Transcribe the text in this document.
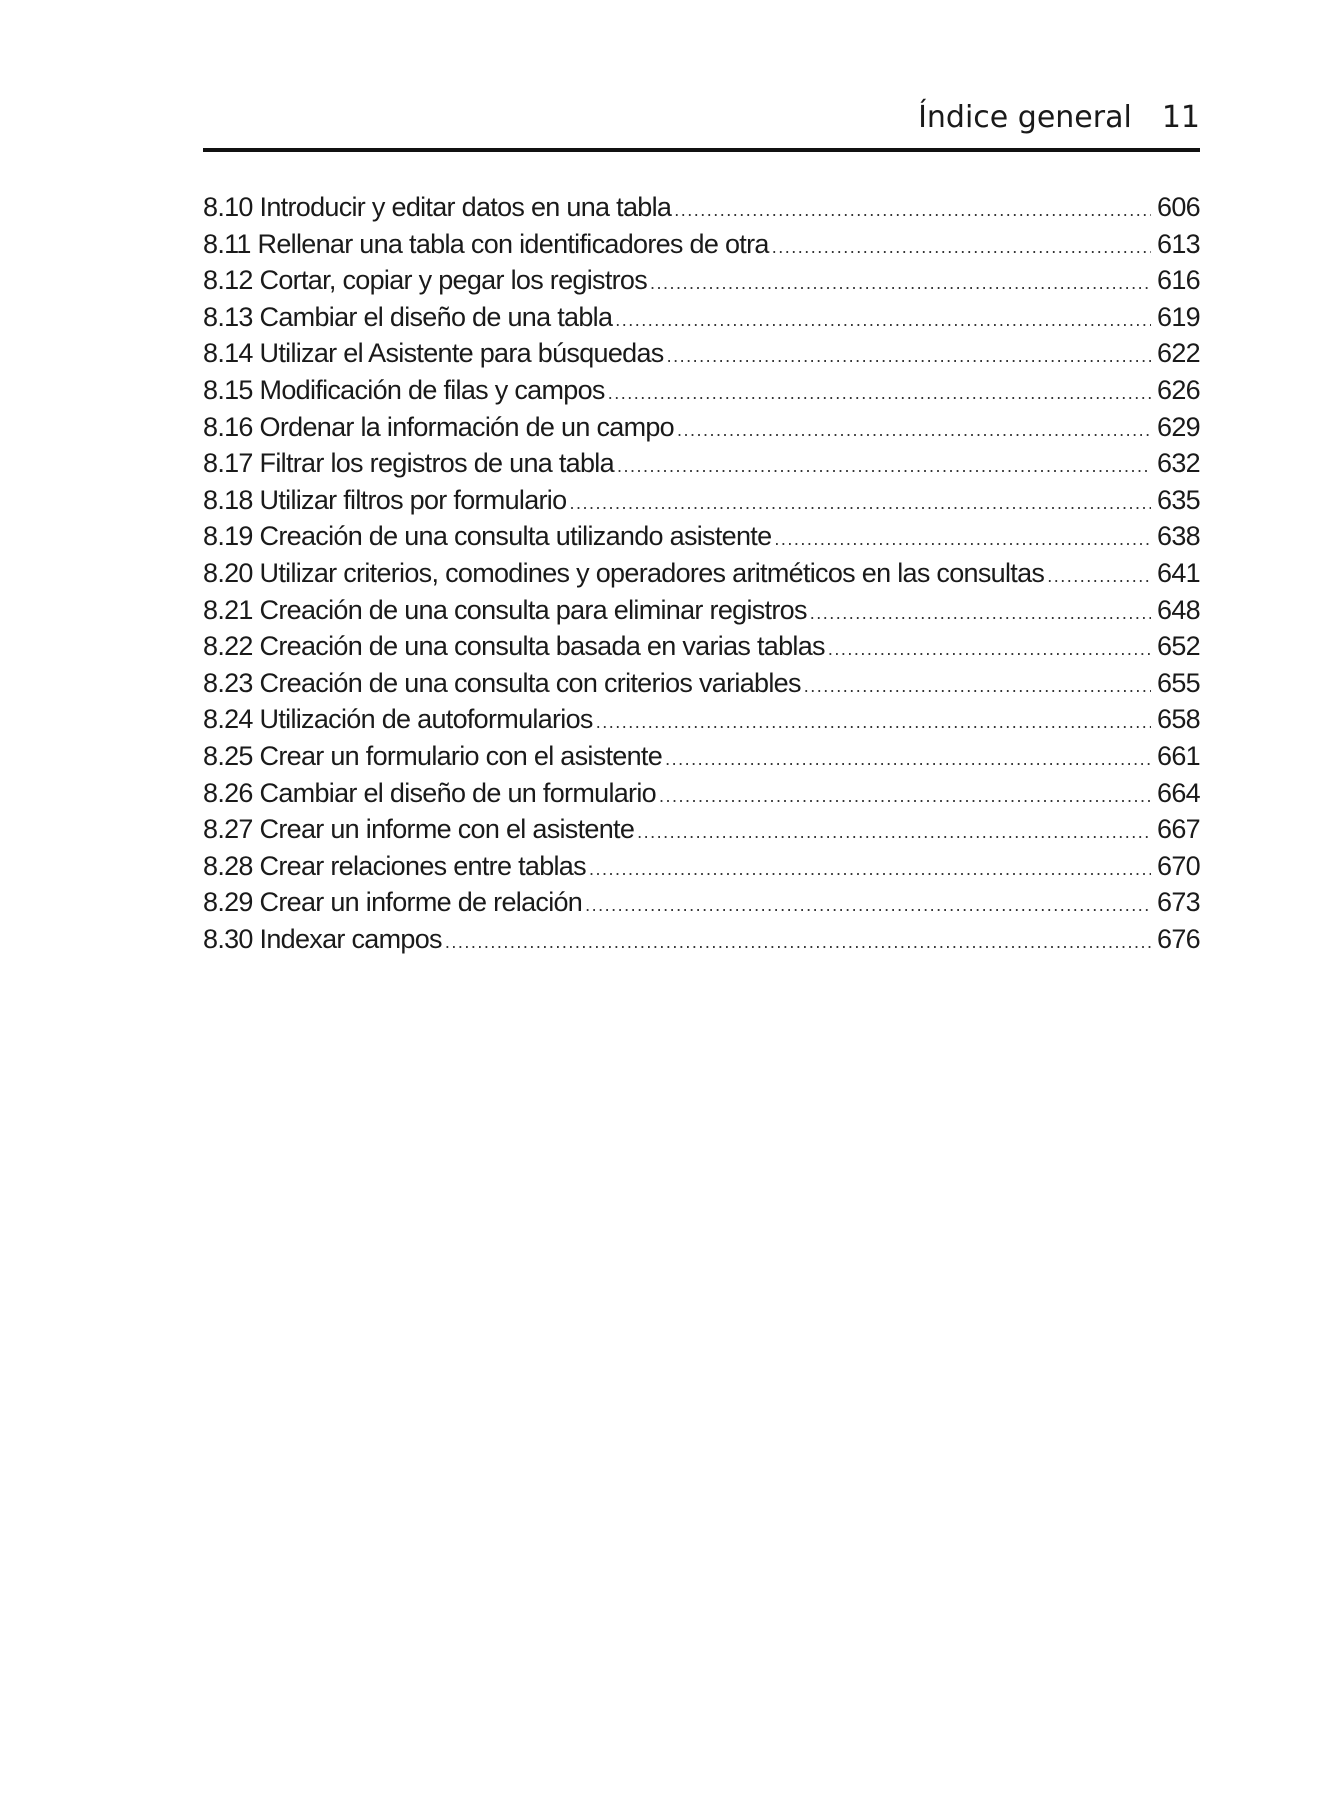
Índice general 11
8.10 Introducir y editar datos en una tabla .....	606
8.11 Rellenar una tabla con identificadores de otra .....	613
8.12 Cortar, copiar y pegar los registros .....	616
8.13 Cambiar el diseño de una tabla .....	619
8.14 Utilizar el Asistente para búsquedas .....	622
8.15 Modificación de filas y campos .....	626
8.16 Ordenar la información de un campo .....	629
8.17 Filtrar los registros de una tabla .....	632
8.18 Utilizar filtros por formulario .....	635
8.19 Creación de una consulta utilizando asistente .....	638
8.20 Utilizar criterios, comodines y operadores aritméticos en las consultas .....	641
8.21 Creación de una consulta para eliminar registros .....	648
8.22 Creación de una consulta basada en varias tablas .....	652
8.23 Creación de una consulta con criterios variables .....	655
8.24 Utilización de autoformularios .....	658
8.25 Crear un formulario con el asistente .....	661
8.26 Cambiar el diseño de un formulario .....	664
8.27 Crear un informe con el asistente .....	667
8.28 Crear relaciones entre tablas .....	670
8.29 Crear un informe de relación .....	673
8.30 Indexar campos .....	676
